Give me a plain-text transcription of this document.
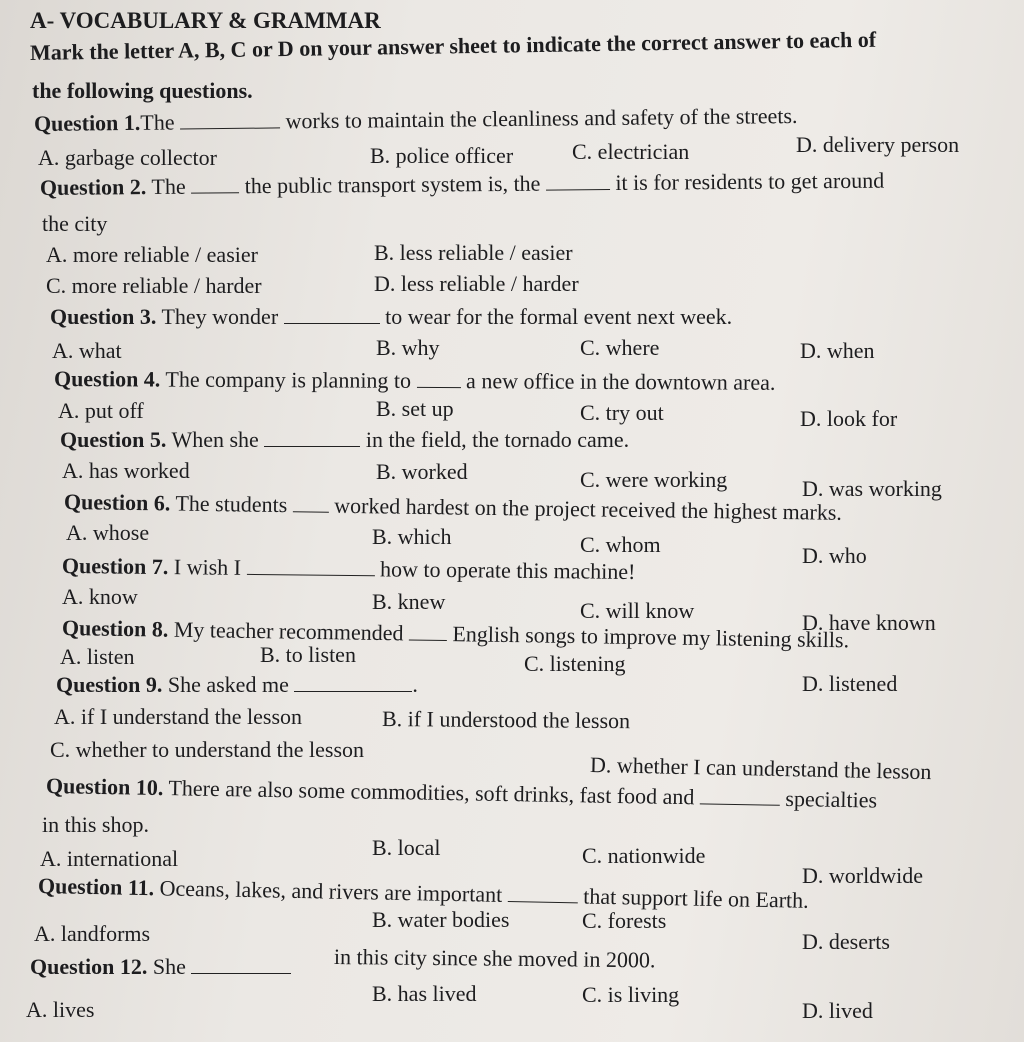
A- VOCABULARY & GRAMMAR
Mark the letter A, B, C or D on your answer sheet to indicate the correct answer to each of
the following questions.
Question 1.The	works to maintain the cleanliness and safety of the streets.
A. garbage collector	B. police officer	C. electrician	D. delivery person
Question 2. The	the public transport system is, the	it is for residents to get around
the city
A. more reliable / easier	B. less reliable / easier
C. more reliable / harder	D. less reliable / harder
Question 3. They wonder	to wear for the formal event next week.
A. what	B. why	C. where	D. when
Question 4. The company is planning to a new office in the downtown area.
A. put off	B. set up	C. try out	D. look for
Question 5. When she	in the field, the tornado came.
A. has worked	B. worked	C. were working	D. was working
Question 6. The students worked hardest on the project received the highest marks.
A. whose	B. which	C. whom	D. who
Question 7. I wish I	how to operate this machine!
A. know	B. knew	C. will know	D. have known
Question 8. My teacher recommended English songs to improve my listening skills.
A. listen	B. to listen	C. listening
D. listened
Question 9. She asked me	.
A. if I understand the lesson	B. if I understood the lesson
C. whether to understand the lesson
D. whether I can understand the lesson
Question 10. There are also some commodities, soft drinks, fast food and	specialties
in this shop.
A. international	B. local	C. nationwide
D. worldwide
Question 11. Oceans, lakes, and rivers are important	that support life on Earth.
A. landforms
B. water bodies	C. forests
D. deserts
Question 12. She	in this city since she moved in 2000.
A. lives
B. has lived	C. is living
D. lived
